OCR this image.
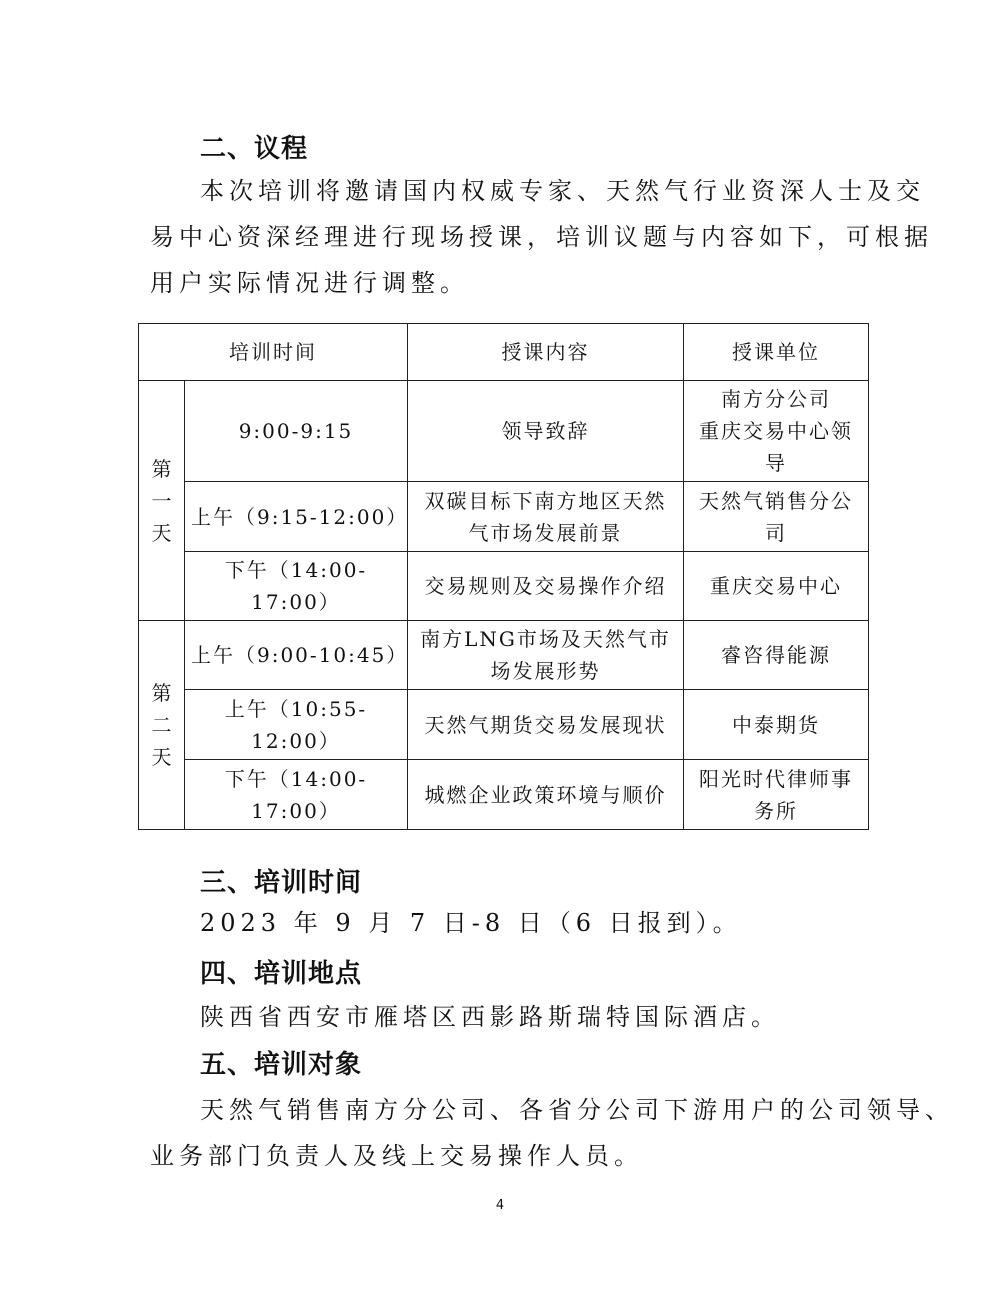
二、议程
本次培训将邀请国内权威专家、天然气行业资深人士及交
易中心资深经理进行现场授课，培训议题与内容如下，可根据
用户实际情况进行调整。
培训时间		授课内容	授课单位

第
一
天	9:00-9:15	领导致辞	南方分公司
重庆交易中心领导
	上午（9:15-12:00）	双碳目标下南方地区天然气市场发展前景	天然气销售分公司
	下午（14:00-17:00）	交易规则及交易操作介绍	重庆交易中心

第
二
天	上午（9:00-10:45）	南方LNG市场及天然气市场发展形势	睿咨得能源
	上午（10:55-12:00）	天然气期货交易发展现状	中泰期货
	下午（14:00-17:00）	城燃企业政策环境与顺价	阳光时代律师事务所
三、培训时间
2023 年 9 月 7 日-8 日（6 日报到）。
四、培训地点
陕西省西安市雁塔区西影路斯瑞特国际酒店。
五、培训对象
天然气销售南方分公司、各省分公司下游用户的公司领导、
业务部门负责人及线上交易操作人员。
4
